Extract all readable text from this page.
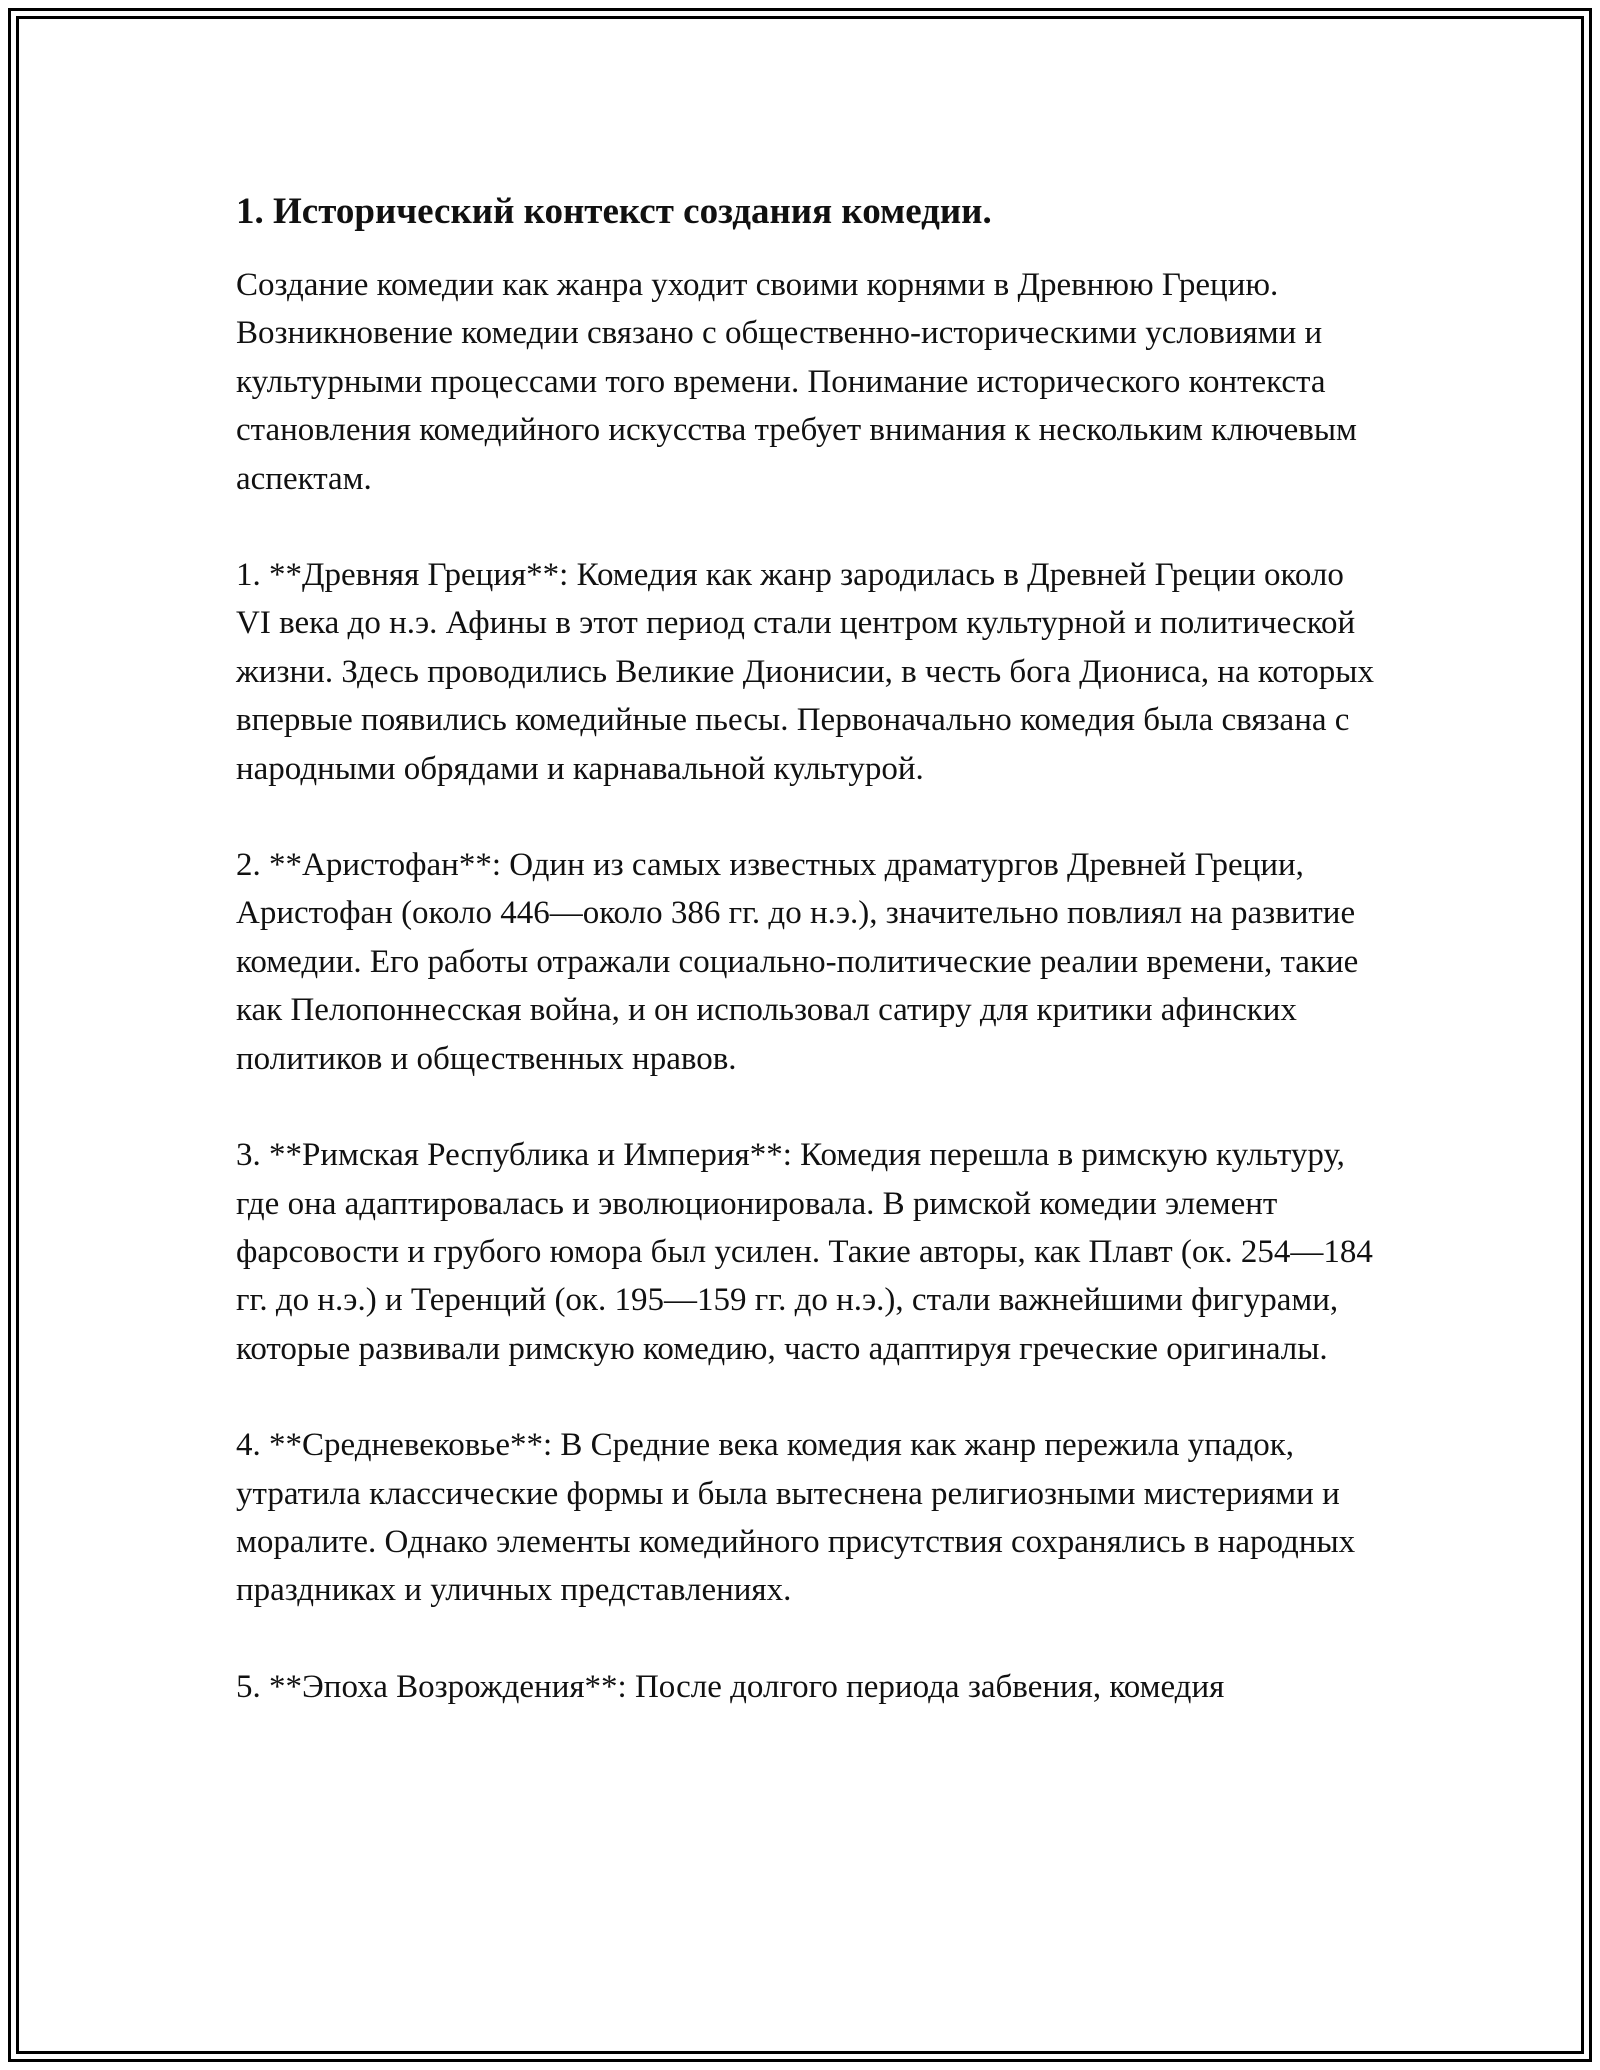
1. Исторический контекст создания комедии.

Создание комедии как жанра уходит своими корнями в Древнюю Грецию. Возникновение комедии связано с общественно-историческими условиями и культурными процессами того времени. Понимание исторического контекста становления комедийного искусства требует внимания к нескольким ключевым аспектам.

1. **Древняя Греция**: Комедия как жанр зародилась в Древней Греции около VI века до н.э. Афины в этот период стали центром культурной и политической жизни. Здесь проводились Великие Дионисии, в честь бога Диониса, на которых впервые появились комедийные пьесы. Первоначально комедия была связана с народными обрядами и карнавальной культурой.

2. **Аристофан**: Один из самых известных драматургов Древней Греции, Аристофан (около 446—около 386 гг. до н.э.), значительно повлиял на развитие комедии. Его работы отражали социально-политические реалии времени, такие как Пелопоннесская война, и он использовал сатиру для критики афинских политиков и общественных нравов.

3. **Римская Республика и Империя**: Комедия перешла в римскую культуру, где она адаптировалась и эволюционировала. В римской комедии элемент фарсовости и грубого юмора был усилен. Такие авторы, как Плавт (ок. 254—184 гг. до н.э.) и Теренций (ок. 195—159 гг. до н.э.), стали важнейшими фигурами, которые развивали римскую комедию, часто адаптируя греческие оригиналы.

4. **Средневековье**: В Средние века комедия как жанр пережила упадок, утратила классические формы и была вытеснена религиозными мистериями и моралите. Однако элементы комедийного присутствия сохранялись в народных праздниках и уличных представлениях.

5. **Эпоха Возрождения**: После долгого периода забвения, комедия
